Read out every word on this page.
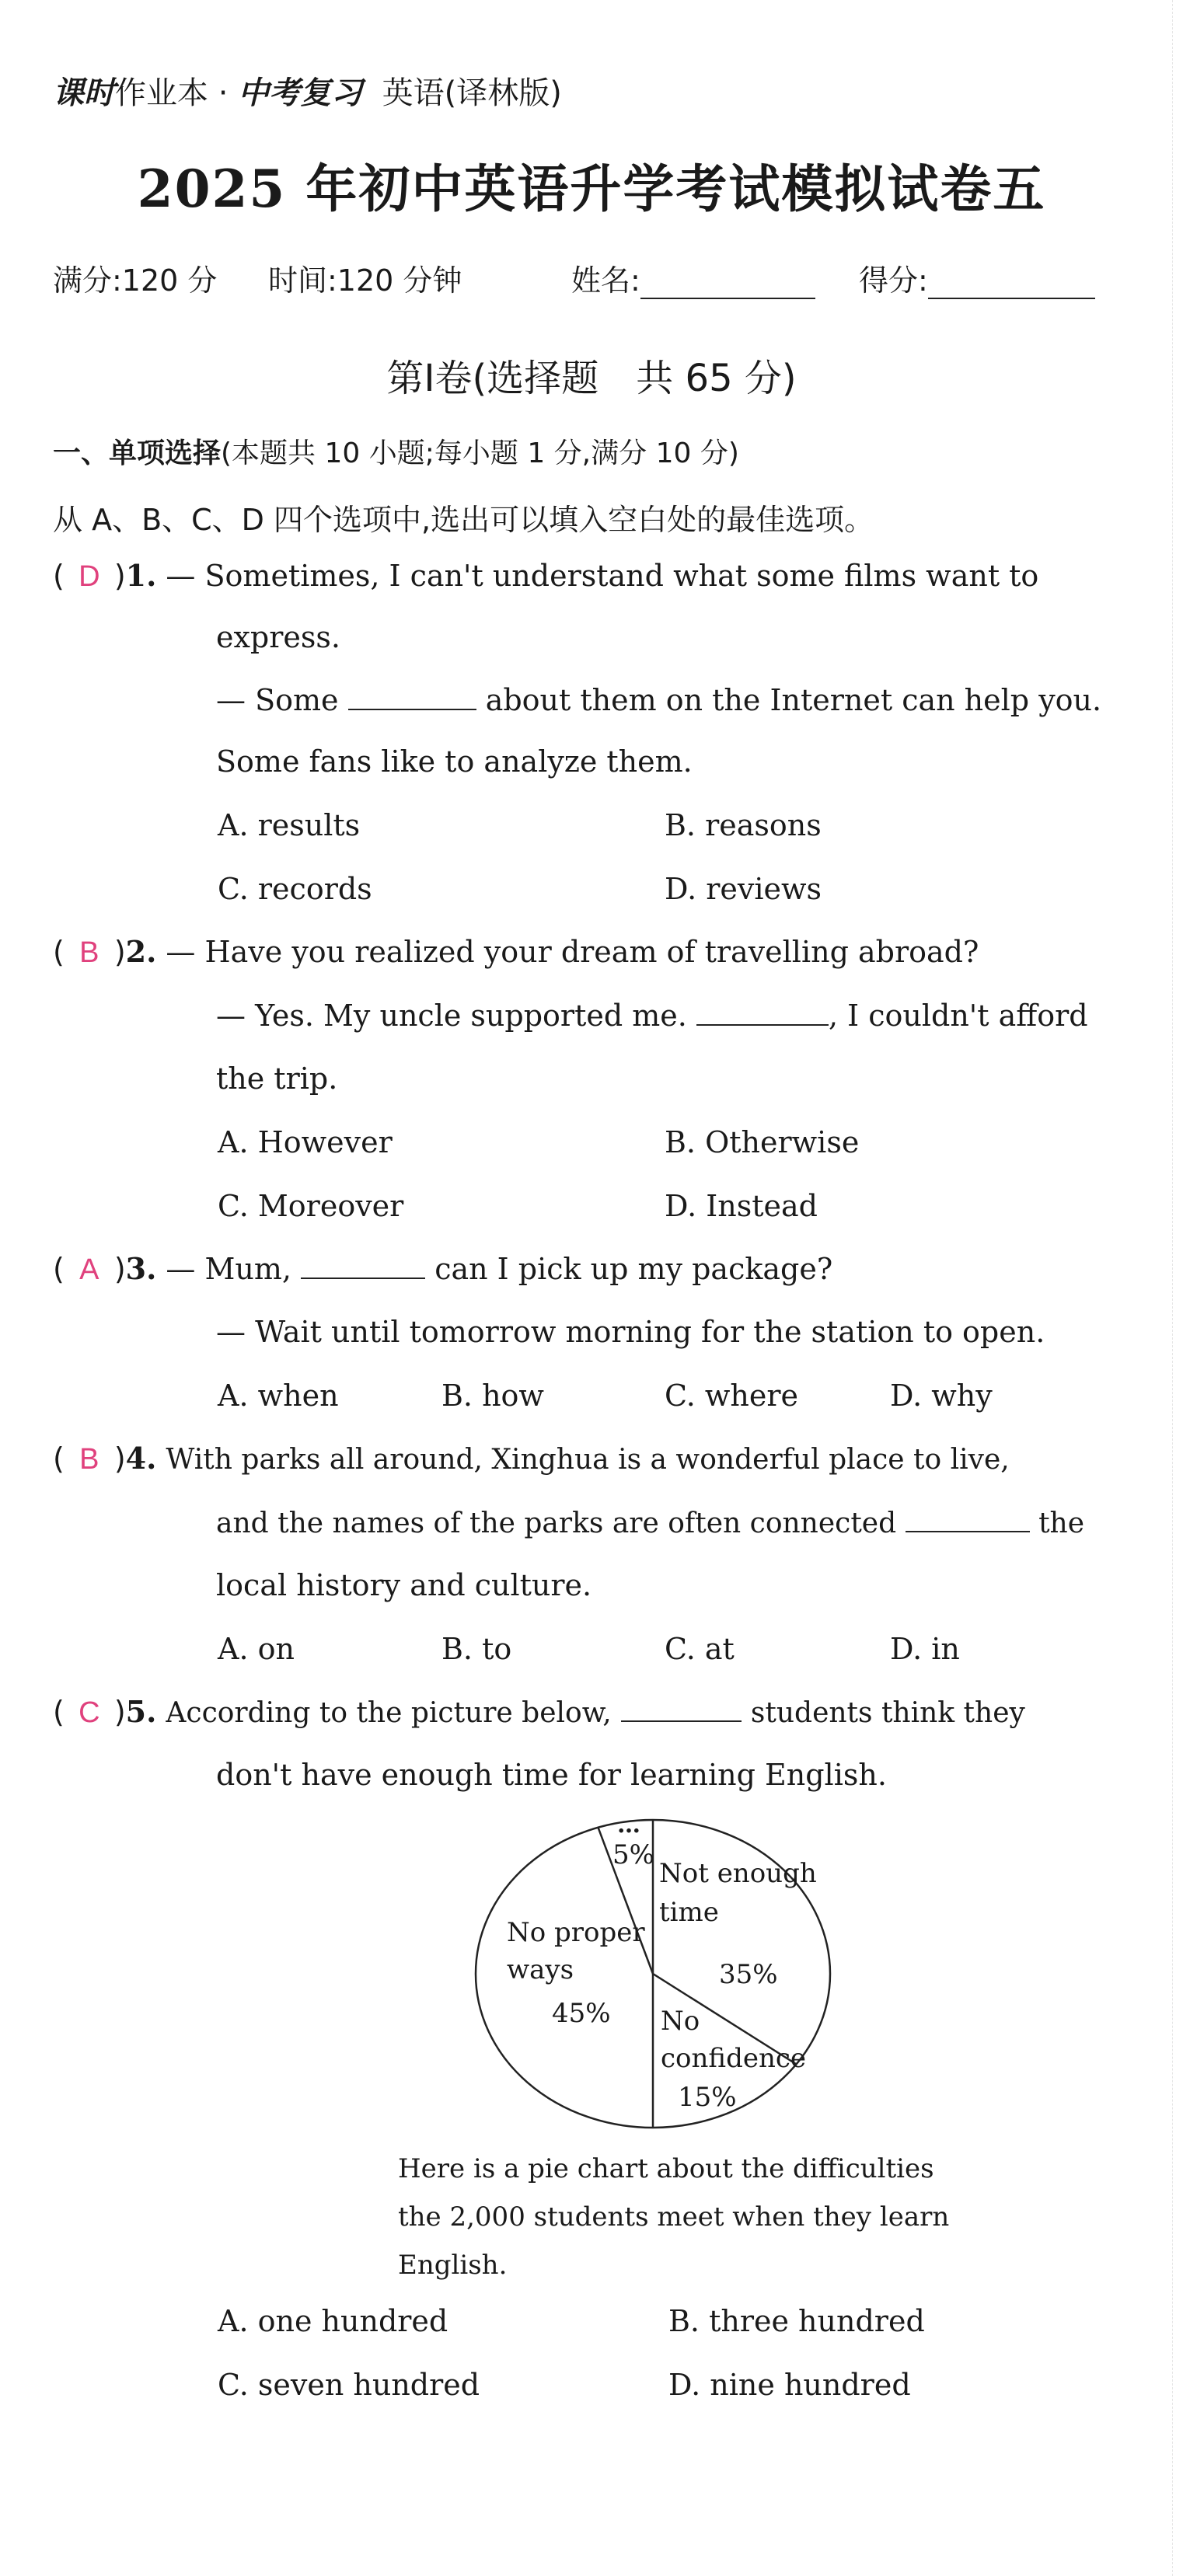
课时作业本 · 中考复习 英语(译林版)
2025 年初中英语升学考试模拟试卷五
满分:120 分 时间:120 分钟	姓名:	得分:
第Ⅰ卷(选择题　共 65 分)
一、单项选择(本题共 10 小题;每小题 1 分,满分 10 分)
从 A、B、C、D 四个选项中,选出可以填入空白处的最佳选项。
( D )1. — Sometimes, I can't understand what some films want to
express.
— Some	about them on the Internet can help you.
Some fans like to analyze them.
A. results	B. reasons
C. records	D. reviews
( B )2. — Have you realized your dream of travelling abroad?
— Yes. My uncle supported me.	, I couldn't afford
the trip.
A. However	B. Otherwise
C. Moreover	D. Instead
( A )3. — Mum,	can I pick up my package?
— Wait until tomorrow morning for the station to open.
A. when	B. how	C. where	D. why
( B )4. With parks all around, Xinghua is a wonderful place to live,
and the names of the parks are often connected	the
local history and culture.
A. on	B. to	C. at	D. in
( C )5. According to the picture below,	students think they
don't have enough time for learning English.
Not enough
time
35%
No
confidence
15%
No proper
ways
45%
…
5%
Here is a pie chart about the difficulties the 2,000 students meet when they learn English.
A. one hundred	B. three hundred
C. seven hundred	D. nine hundred
